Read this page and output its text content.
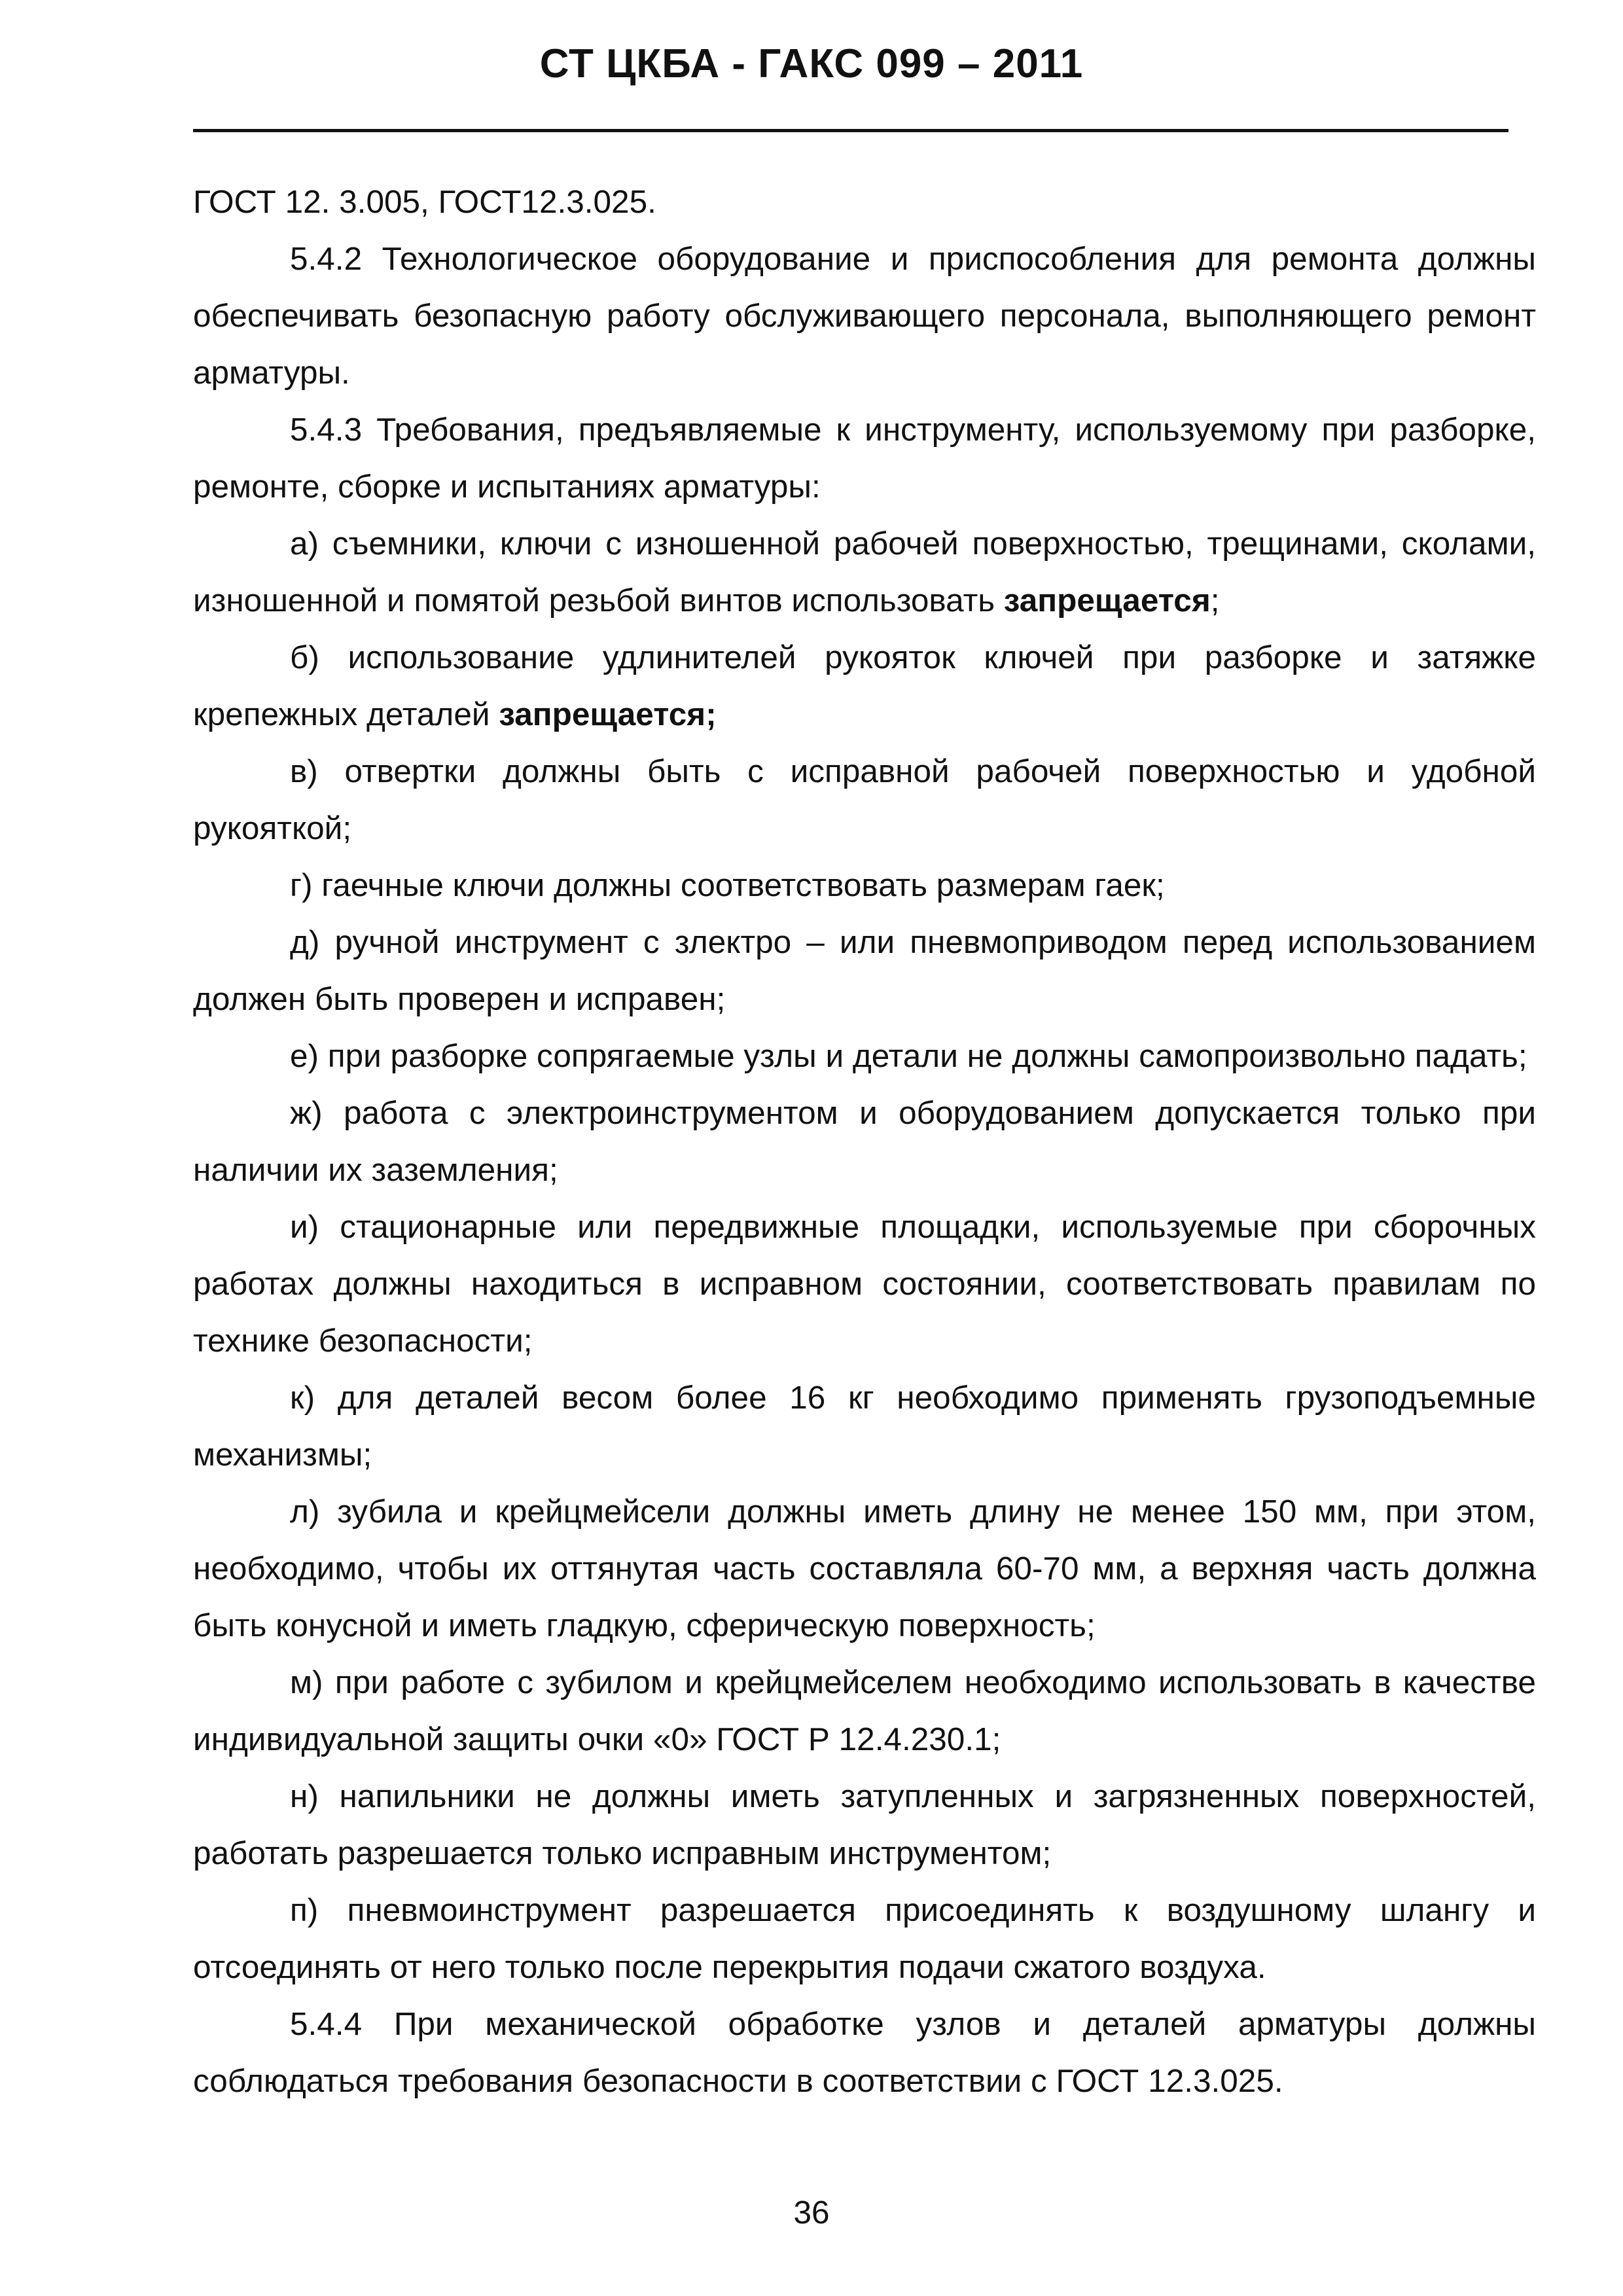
СТ ЦКБА - ГАКС 099 – 2011

ГОСТ 12. 3.005, ГОСТ12.3.025.

5.4.2 Технологическое оборудование и приспособления для ремонта должны обеспечивать безопасную работу обслуживающего персонала, выполняющего ремонт арматуры.

5.4.3 Требования, предъявляемые к инструменту, используемому при разборке, ремонте, сборке и испытаниях арматуры:

а) съемники, ключи с изношенной рабочей поверхностью, трещинами, сколами, изношенной и помятой резьбой винтов использовать запрещается;

б) использование удлинителей рукояток ключей при разборке и затяжке крепежных деталей запрещается;

в) отвертки должны быть с исправной рабочей поверхностью и удобной рукояткой;

г) гаечные ключи должны соответствовать размерам гаек;

д) ручной инструмент с злектро – или пневмоприводом перед использованием должен быть проверен и исправен;

е) при разборке сопрягаемые узлы и детали не должны самопроизвольно падать;

ж) работа с электроинструментом и оборудованием допускается только при наличии их заземления;

и) стационарные или передвижные площадки, используемые при сборочных работах должны находиться в исправном состоянии, соответствовать правилам по технике безопасности;

к) для деталей весом более 16 кг необходимо применять грузоподъемные механизмы;

л) зубила и крейцмейсели должны иметь длину не менее 150 мм, при этом, необходимо, чтобы их оттянутая часть составляла 60-70 мм, а верхняя часть должна быть конусной и иметь гладкую, сферическую поверхность;

м) при работе с зубилом и крейцмейселем необходимо использовать в качестве индивидуальной защиты очки «0» ГОСТ Р 12.4.230.1;

н) напильники не должны иметь затупленных и загрязненных поверхностей, работать разрешается только исправным инструментом;

п) пневмоинструмент разрешается присоединять к воздушному шлангу и отсоединять от него только после перекрытия подачи сжатого воздуха.

5.4.4 При механической обработке узлов и деталей арматуры должны соблюдаться требования безопасности в соответствии с ГОСТ 12.3.025.

36
